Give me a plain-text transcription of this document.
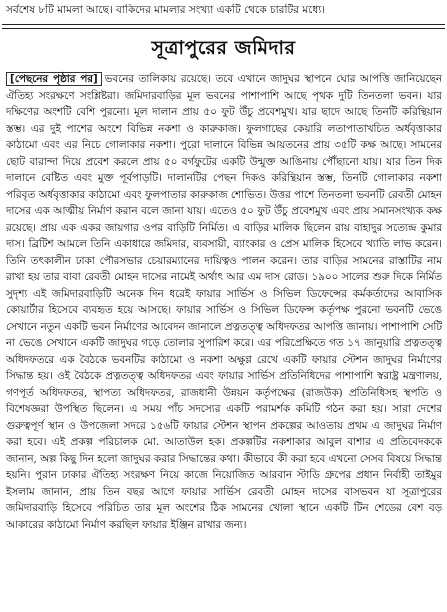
সর্বশেষ ৮টি মামলা আছে। বাকিদের মামলার সংখ্যা একটি থেকে চারটির মধ্যে।
সূত্রাপুরের জমিদার
[পেছনের পৃষ্ঠার পর] ভবনের তালিকায় রয়েছে। তবে এখানে জাদুঘর স্থাপনে ঘোর আপত্তি জানিয়েছেন ঐতিহ্য সংরক্ষণে সংশ্লিষ্টরা। জমিদারবাড়ির মূল ভবনের পাশাপাশি আছে পৃথক দুটি তিনতলা ভবন। যার দক্ষিণের অংশটি বেশি পুরনো। মূল দালান প্রায় ৫০ ফুট উঁচু প্রবেশমুখ। যার ছাদে আছে তিনটি করিন্থিয়ান স্তম্ভ। এর দুই পাশের অংশে বিভিন্ন নকশা ও কারুকাজ। ফুলগাছের কেয়ারি লতাপাতাখচিত অর্ধবৃত্তাকার কাঠামো এবং এর নিচে গোলাকার নকশা। পুরো দালানে বিভিন্ন আয়তনের প্রায় ৩৫টি কক্ষ আছে। সামনের ছোট বারান্দা দিয়ে প্রবেশ করলে প্রায় ৫০ বর্গফুটের একটি উন্মুক্ত আঙিনায় পৌঁছানো যায়। যার তিন দিক দালানে বেষ্টিত এবং মুক্ত পূর্বপাড়টি। দালানটির পেছন দিকও করিন্থিয়ান স্তম্ভ, তিনটি গোলাকার নকশা পরিবৃত অর্ধবৃত্তাকার কাঠামো এবং ফুলপাতার কারুকাজ শোভিত। উত্তর পাশে তিনতলা ভবনটি রেবতী মোহন দাসের এক আত্মীয় নির্মাণ করান বলে জানা যায়। এতেও ৫০ ফুট উঁচু প্রবেশমুখ এবং প্রায় সমানসংখ্যক কক্ষ রয়েছে। প্রায় এক একর জায়গার ওপর বাড়িটি নির্মিত। এ বাড়ির মালিক ছিলেন রায় বাহাদুর সত্যেন্দ্র কুমার দাস। ব্রিটিশ আমলে তিনি একাধারে জমিদার, ব্যবসায়ী, ব্যাংকার ও প্রেস মালিক হিসেবে খ্যাতি লাভ করেন। তিনি তৎকালীন ঢাকা পৌরসভার চেয়ারম্যানের দায়িত্বও পালন করেন। তার বাড়ির সামনের রাস্তাটির নাম রাখা হয় তার বাবা রেবতী মোহন দাসের নামেই অর্থাৎ আর এম দাস রোড। ১৯০০ সালের শুরু দিকে নির্মিত সুদৃশ্য এই জমিদারবাড়িটি অনেক দিন ধরেই ফায়ার সার্ভিস ও সিভিল ডিফেন্সের কর্মকর্তাদের আবাসিক কোয়ার্টার হিসেবে ব্যবহৃত হয়ে আসছে। ফায়ার সার্ভিস ও সিভিল ডিফেন্স কর্তৃপক্ষ পুরনো ভবনটি ভেঙে সেখানে নতুন একটি ভবন নির্মাণের আবেদন জানালে প্রত্নতত্ত্ব অধিদফতর আপত্তি জানায়। পাশাপাশি সেটি না ভেঙে সেখানে একটি জাদুঘর গড়ে তোলার সুপারিশ করে। এর পরিপ্রেক্ষিতে গত ১৭ জানুয়ারি প্রত্নতত্ত্ব অধিদফতরে এক বৈঠকে ভবনটির কাঠামো ও নকশা অক্ষুণ্ণ রেখে একটি ফায়ার স্টেশন জাদুঘর নির্মাণের সিদ্ধান্ত হয়। ওই বৈঠকে প্রত্নতত্ত্ব অধিদফতর এবং ফায়ার সার্ভিস প্রতিনিধিদের পাশাপাশি স্বরাষ্ট্র মন্ত্রণালয়, গণপূর্ত অধিদফতর, স্থাপত্য অধিদফতর, রাজধানী উন্নয়ন কর্তৃপক্ষের (রাজউক) প্রতিনিধিসহ স্থপতি ও বিশেষজ্ঞরা উপস্থিত ছিলেন। এ সময় পাঁচ সদস্যের একটি পরামর্শক কমিটি গঠন করা হয়। সারা দেশের গুরুত্বপূর্ণ স্থান ও উপজেলা সদরে ১৫৬টি ফায়ার স্টেশন স্থাপন প্রকল্পের আওতায় প্রথম এ জাদুঘর নির্মাণ করা হবে। এই প্রকল্প পরিচালক মো. আতাউল হক। প্রকল্পটির নকশাকার আবুল বাশার এ প্রতিবেদককে জানান, অল্প কিছু দিন হলো জাদুঘর করার সিদ্ধান্তের কথা। কীভাবে কী করা হবে এখনো সেসব বিষয়ে সিদ্ধান্ত হয়নি। পুরান ঢাকার ঐতিহ্য সংরক্ষণ নিয়ে কাজে নিয়োজিত আরবান স্টাডি গ্রুপের প্রধান নির্বাহী তাইমুর ইসলাম জানান, প্রায় তিন বছর আগে ফায়ার সার্ভিস রেবতী মোহন দাসের বাসভবন যা সূত্রাপুরের জমিদারবাড়ি হিসেবে পরিচিত তার মূল অংশের ঠিক সামনের খোলা স্থানে একটি টিন শেডের বেশ বড় আকারের কাঠামো নির্মাণ করছিল ফায়ার ইঞ্জিন রাখার জন্য।
